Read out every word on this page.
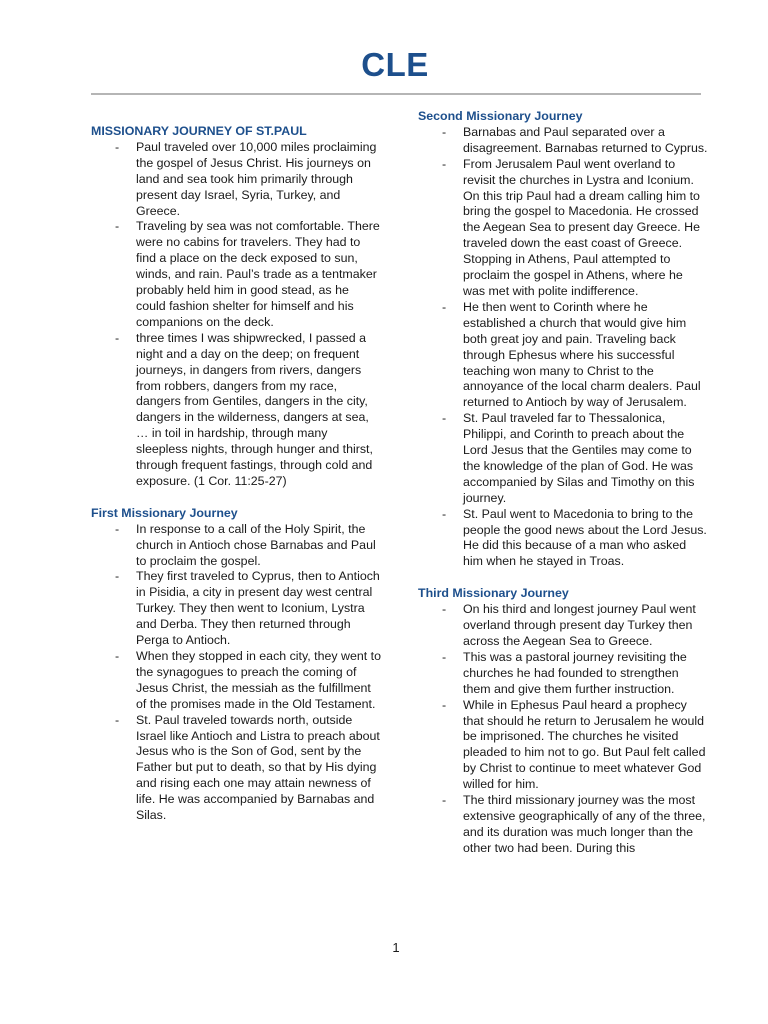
CLE
MISSIONARY JOURNEY OF ST.PAUL
- Paul traveled over 10,000 miles proclaiming the gospel of Jesus Christ. His journeys on land and sea took him primarily through present day Israel, Syria, Turkey, and Greece.
- Traveling by sea was not comfortable. There were no cabins for travelers. They had to find a place on the deck exposed to sun, winds, and rain. Paul’s trade as a tentmaker probably held him in good stead, as he could fashion shelter for himself and his companions on the deck.
- three times I was shipwrecked, I passed a night and a day on the deep; on frequent journeys, in dangers from rivers, dangers from robbers, dangers from my race, dangers from Gentiles, dangers in the city, dangers in the wilderness, dangers at sea, … in toil in hardship, through many sleepless nights, through hunger and thirst, through frequent fastings, through cold and exposure. (1 Cor. 11:25-27)
First Missionary Journey
- In response to a call of the Holy Spirit, the church in Antioch chose Barnabas and Paul to proclaim the gospel.
- They first traveled to Cyprus, then to Antioch in Pisidia, a city in present day west central Turkey. They then went to Iconium, Lystra and Derba. They then returned through Perga to Antioch.
- When they stopped in each city, they went to the synagogues to preach the coming of Jesus Christ, the messiah as the fulfillment of the promises made in the Old Testament.
- St. Paul traveled towards north, outside Israel like Antioch and Listra to preach about Jesus who is the Son of God, sent by the Father but put to death, so that by His dying and rising each one may attain newness of life. He was accompanied by Barnabas and Silas.
Second Missionary Journey
- Barnabas and Paul separated over a disagreement. Barnabas returned to Cyprus.
- From Jerusalem Paul went overland to revisit the churches in Lystra and Iconium. On this trip Paul had a dream calling him to bring the gospel to Macedonia. He crossed the Aegean Sea to present day Greece. He traveled down the east coast of Greece. Stopping in Athens, Paul attempted to proclaim the gospel in Athens, where he was met with polite indifference.
- He then went to Corinth where he established a church that would give him both great joy and pain. Traveling back through Ephesus where his successful teaching won many to Christ to the annoyance of the local charm dealers. Paul returned to Antioch by way of Jerusalem.
- St. Paul traveled far to Thessalonica, Philippi, and Corinth to preach about the Lord Jesus that the Gentiles may come to the knowledge of the plan of God. He was accompanied by Silas and Timothy on this journey.
- St. Paul went to Macedonia to bring to the people the good news about the Lord Jesus. He did this because of a man who asked him when he stayed in Troas.
Third Missionary Journey
- On his third and longest journey Paul went overland through present day Turkey then across the Aegean Sea to Greece.
- This was a pastoral journey revisiting the churches he had founded to strengthen them and give them further instruction.
- While in Ephesus Paul heard a prophecy that should he return to Jerusalem he would be imprisoned. The churches he visited pleaded to him not to go. But Paul felt called by Christ to continue to meet whatever God willed for him.
- The third missionary journey was the most extensive geographically of any of the three, and its duration was much longer than the other two had been. During this
1
